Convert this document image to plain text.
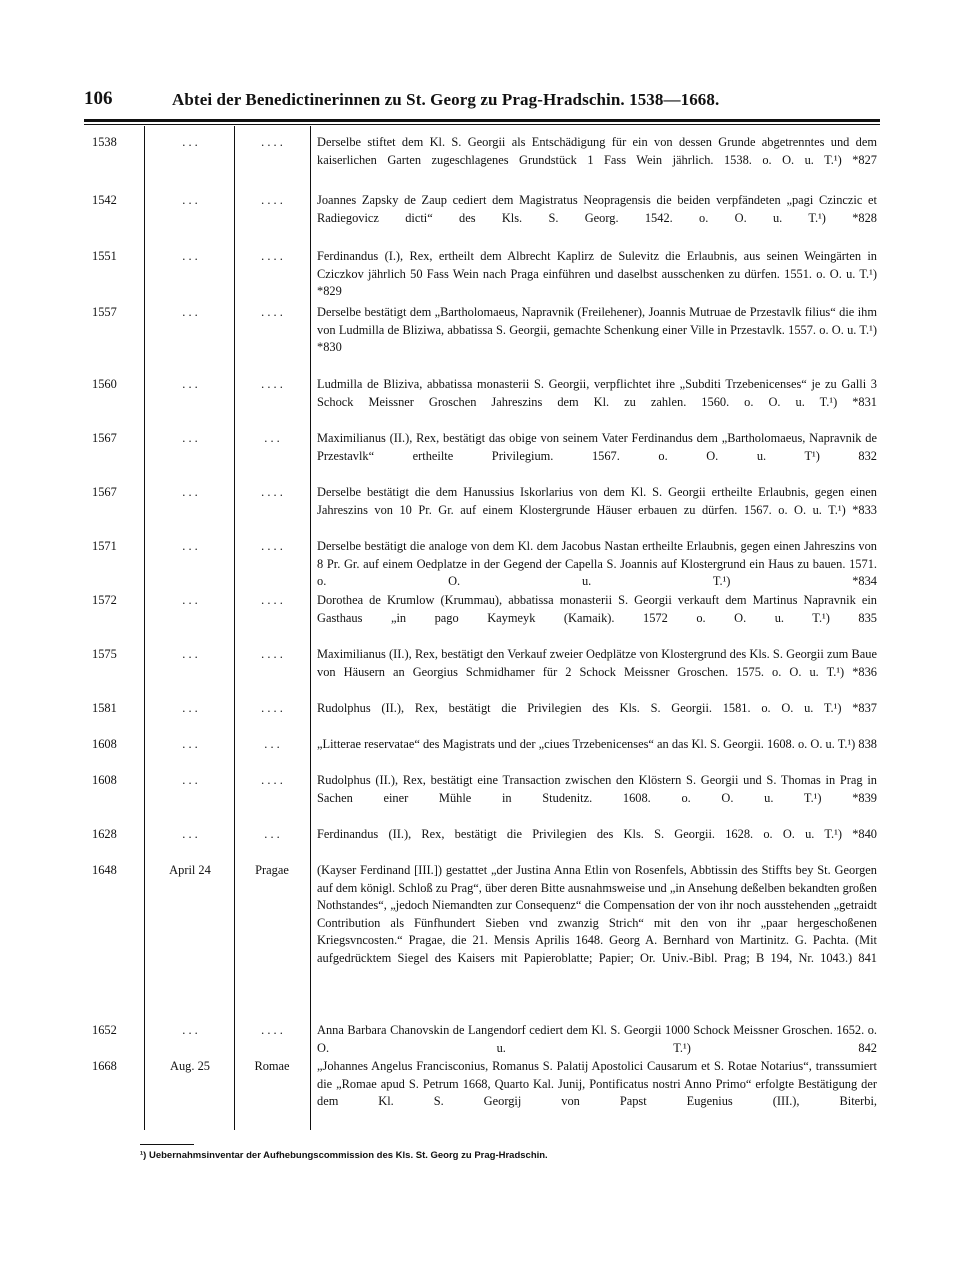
106	Abtei der Benedictinerinnen zu St. Georg zu Prag-Hradschin. 1538—1668.
1538	. . .	. . . .	Derselbe stiftet dem Kl. S. Georgii als Entschädigung für ein von dessen Grunde abgetrenntes und dem kaiserlichen Garten zugeschlagenes Grundstück 1 Fass Wein jährlich. 1538. o. O. u. T.¹) *827
1542	. . .	. . . .	Joannes Zapsky de Zaup cediert dem Magistratus Neopragensis die beiden verpfändeten „pagi Czinczic et Radiegovicz dicti“ des Kls. S. Georg. 1542. o. O. u. T.¹) *828
1551	. . .	. . . .	Ferdinandus (I.), Rex, ertheilt dem Albrecht Kaplirz de Sulevitz die Erlaubnis, aus seinen Weingärten in Cziczkov jährlich 50 Fass Wein nach Praga einführen und daselbst ausschenken zu dürfen. 1551. o. O. u. T.¹) *829
1557	. . .	. . . .	Derselbe bestätigt dem „Bartholomaeus, Napravnik (Freilehener), Joannis Mutruae de Przestavlk filius“ die ihm von Ludmilla de Bliziwa, abbatissa S. Georgii, gemachte Schenkung einer Ville in Przestavlk. 1557. o. O. u. T.¹) *830
1560	. . .	. . . .	Ludmilla de Bliziva, abbatissa monasterii S. Georgii, verpflichtet ihre „Subditi Trzebenicenses“ je zu Galli 3 Schock Meissner Groschen Jahreszins dem Kl. zu zahlen. 1560. o. O. u. T.¹) *831
1567	. . .	. . .	Maximilianus (II.), Rex, bestätigt das obige von seinem Vater Ferdinandus dem „Bartholomaeus, Napravnik de Przestavlk“ ertheilte Privilegium. 1567. o. O. u. T¹) 832
1567	. . .	. . . .	Derselbe bestätigt die dem Hanussius Iskorlarius von dem Kl. S. Georgii ertheilte Erlaubnis, gegen einen Jahreszins von 10 Pr. Gr. auf einem Klostergrunde Häuser erbauen zu dürfen. 1567. o. O. u. T.¹) *833
1571	. . .	. . . .	Derselbe bestätigt die analoge von dem Kl. dem Jacobus Nastan ertheilte Erlaubnis, gegen einen Jahreszins von 8 Pr. Gr. auf einem Oedplatze in der Gegend der Capella S. Joannis auf Klostergrund ein Haus zu bauen. 1571. o. O. u. T.¹) *834
1572	. . .	. . . .	Dorothea de Krumlow (Krummau), abbatissa monasterii S. Georgii verkauft dem Martinus Napravnik ein Gasthaus „in pago Kaymeyk (Kamaik). 1572 o. O. u. T.¹) 835
1575	. . .	. . . .	Maximilianus (II.), Rex, bestätigt den Verkauf zweier Oedplätze von Klostergrund des Kls. S. Georgii zum Baue von Häusern an Georgius Schmidhamer für 2 Schock Meissner Groschen. 1575. o. O. u. T.¹) *836
1581	. . .	. . . .	Rudolphus (II.), Rex, bestätigt die Privilegien des Kls. S. Georgii. 1581. o. O. u. T.¹) *837
1608	. . .	. . .	„Litterae reservatae“ des Magistrats und der „ciues Trzebenicenses“ an das Kl. S. Georgii. 1608. o. O. u. T.¹) 838
1608	. . .	. . . .	Rudolphus (II.), Rex, bestätigt eine Transaction zwischen den Klöstern S. Georgii und S. Thomas in Prag in Sachen einer Mühle in Studenitz. 1608. o. O. u. T.¹) *839
1628	. . .	. . .	Ferdinandus (II.), Rex, bestätigt die Privilegien des Kls. S. Georgii. 1628. o. O. u. T.¹) *840
1648	April 24	Pragae	(Kayser Ferdinand [III.]) gestattet „der Justina Anna Etlin von Rosenfels, Abbtissin des Stiffts bey St. Georgen auf dem königl. Schloß zu Prag“, über deren Bitte ausnahmsweise und „in Ansehung deßelben bekandten großen Nothstandes“, „jedoch Niemandten zur Consequenz“ die Compensation der von ihr noch ausstehenden „getraidt Contribution als Fünfhundert Sieben vnd zwanzig Strich“ mit den von ihr „paar hergeschoßenen Kriegsvncosten.“ Pragae, die 21. Mensis Aprilis 1648. Georg A. Bernhard von Martinitz. G. Pachta. (Mit aufgedrücktem Siegel des Kaisers mit Papieroblatte; Papier; Or. Univ.-Bibl. Prag; B 194, Nr. 1043.) 841
1652	. . .	. . . .	Anna Barbara Chanovskin de Langendorf cediert dem Kl. S. Georgii 1000 Schock Meissner Groschen. 1652. o. O. u. T.¹) 842
1668	Aug. 25	Romae	„Johannes Angelus Francisconius, Romanus S. Palatij Apostolici Causarum et S. Rotae Notarius“, transsumiert die „Romae apud S. Petrum 1668, Quarto Kal. Junij, Pontificatus nostri Anno Primo“ erfolgte Bestätigung der dem Kl. S. Georgij von Papst Eugenius (III.), Biterbi,
¹) Uebernahmsinventar der Aufhebungscommission des Kls. St. Georg zu Prag-Hradschin.
